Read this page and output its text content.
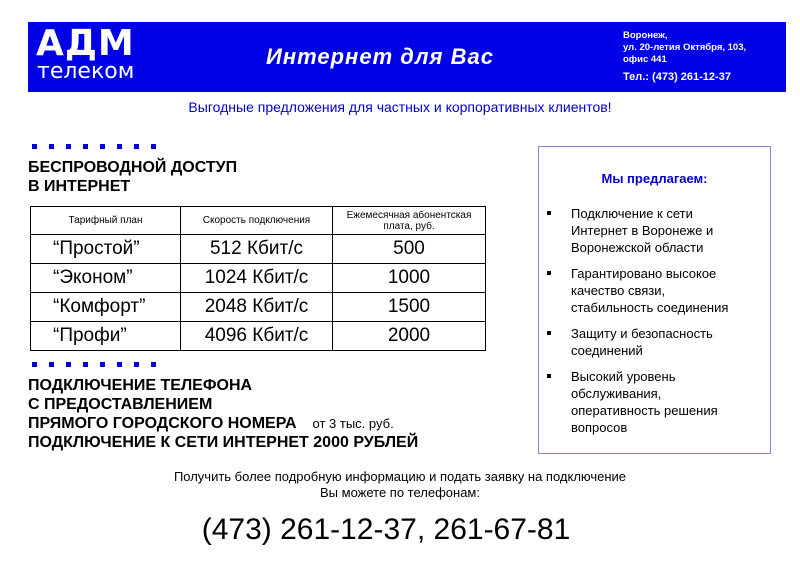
АДМ
телеком
Интернет для Вас
Воронеж,
ул. 20-летия Октября, 103,
офис 441
Тел.: (473) 261-12-37
Выгодные предложения для частных и корпоративных клиентов!
БЕСПРОВОДНОЙ ДОСТУП
В ИНТЕРНЕТ
Тарифный план	Скорость подключения	Ежемесячная абонентская плата, руб.
“Простой”	512 Кбит/с	500
“Эконом”	1024 Кбит/с	1000
“Комфорт”	2048 Кбит/с	1500
“Профи”	4096 Кбит/с	2000
ПОДКЛЮЧЕНИЕ ТЕЛЕФОНА
С ПРЕДОСТАВЛЕНИЕМ
ПРЯМОГО ГОРОДСКОГО НОМЕРА от 3 тыс. руб.
ПОДКЛЮЧЕНИЕ К СЕТИ ИНТЕРНЕТ 2000 РУБЛЕЙ
Мы предлагаем:
Подключение к сети
Интернет в Воронеже и
Воронежской области
Гарантировано высокое
качество связи,
стабильность соединения
Защиту и безопасность
соединений
Высокий уровень
обслуживания,
оперативность решения
вопросов
Получить более подробную информацию и подать заявку на подключение
Вы можете по телефонам:
(473) 261-12-37, 261-67-81
